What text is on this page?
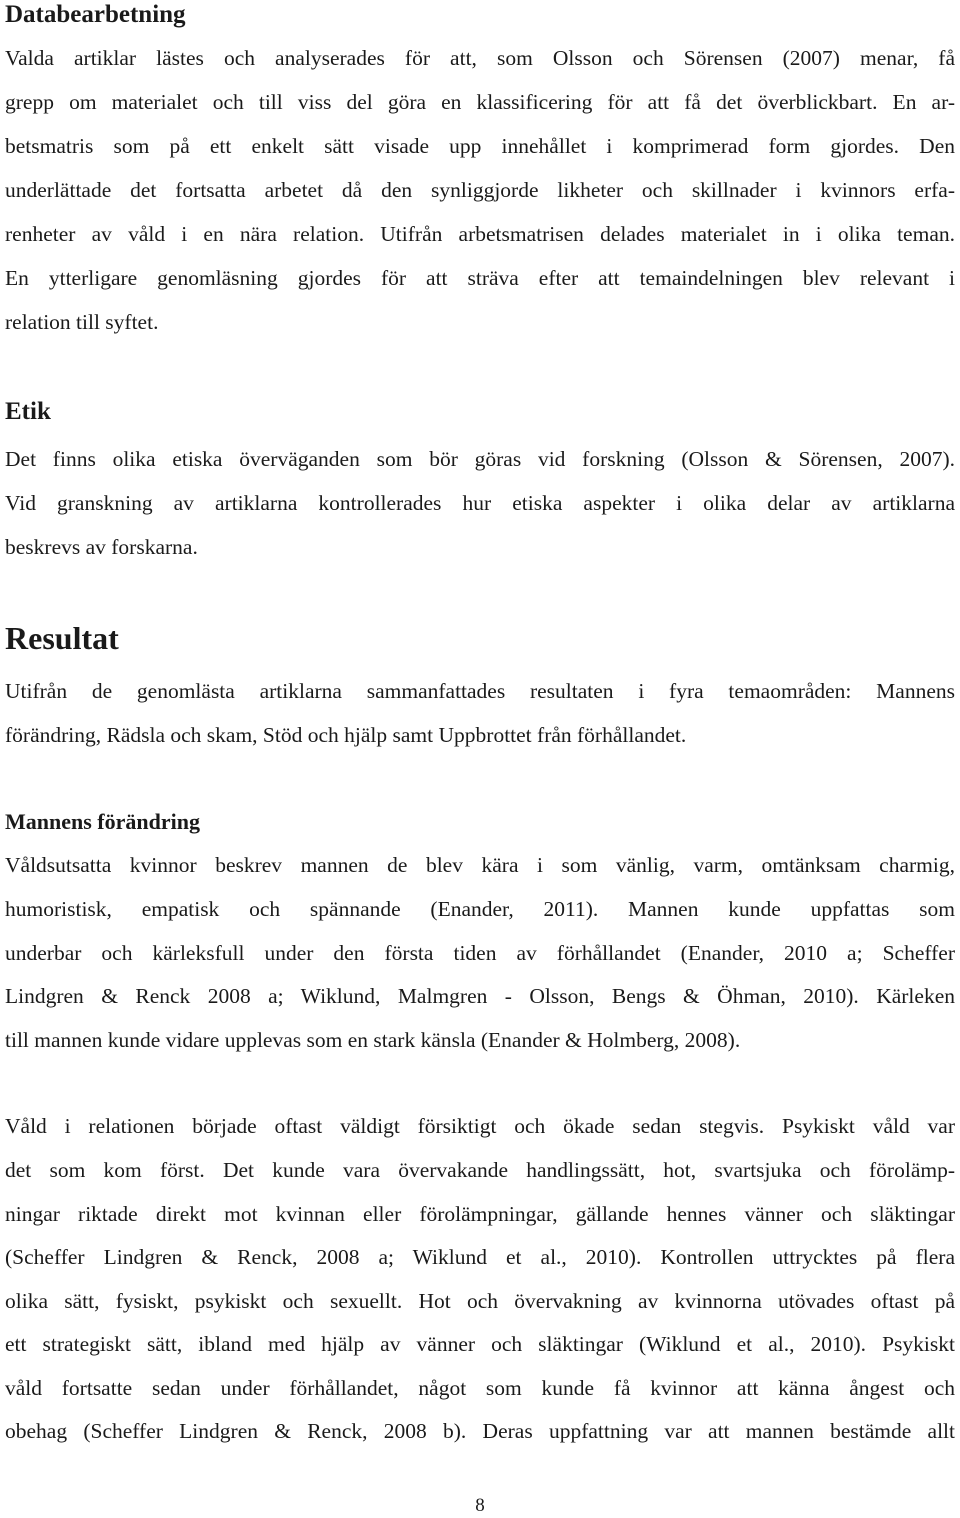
Databearbetning
Valda artiklar lästes och analyserades för att, som Olsson och Sörensen (2007) menar, få
grepp om materialet och till viss del göra en klassificering för att få det överblickbart. En ar-
betsmatris som på ett enkelt sätt visade upp innehållet i komprimerad form gjordes. Den
underlättade det fortsatta arbetet då den synliggjorde likheter och skillnader i kvinnors erfa-
renheter av våld i en nära relation. Utifrån arbetsmatrisen delades materialet in i olika teman.
En ytterligare genomläsning gjordes för att sträva efter att temaindelningen blev relevant i
relation till syftet.
Etik
Det finns olika etiska överväganden som bör göras vid forskning (Olsson & Sörensen, 2007).
Vid granskning av artiklarna kontrollerades hur etiska aspekter i olika delar av artiklarna
beskrevs av forskarna.
Resultat
Utifrån de genomlästa artiklarna sammanfattades resultaten i fyra temaområden: Mannens
förändring, Rädsla och skam, Stöd och hjälp samt Uppbrottet från förhållandet.
Mannens förändring
Våldsutsatta kvinnor beskrev mannen de blev kära i som vänlig, varm, omtänksam charmig,
humoristisk, empatisk och spännande (Enander, 2011). Mannen kunde uppfattas som
underbar och kärleksfull under den första tiden av förhållandet (Enander, 2010 a; Scheffer
Lindgren & Renck 2008 a; Wiklund, Malmgren - Olsson, Bengs & Öhman, 2010). Kärleken
till mannen kunde vidare upplevas som en stark känsla (Enander & Holmberg, 2008).
Våld i relationen började oftast väldigt försiktigt och ökade sedan stegvis. Psykiskt våld var
det som kom först. Det kunde vara övervakande handlingssätt, hot, svartsjuka och förolämp-
ningar riktade direkt mot kvinnan eller förolämpningar, gällande hennes vänner och släktingar
(Scheffer Lindgren & Renck, 2008 a; Wiklund et al., 2010). Kontrollen uttrycktes på flera
olika sätt, fysiskt, psykiskt och sexuellt. Hot och övervakning av kvinnorna utövades oftast på
ett strategiskt sätt, ibland med hjälp av vänner och släktingar (Wiklund et al., 2010). Psykiskt
våld fortsatte sedan under förhållandet, något som kunde få kvinnor att känna ångest och
obehag (Scheffer Lindgren & Renck, 2008 b). Deras uppfattning var att mannen bestämde allt
8
